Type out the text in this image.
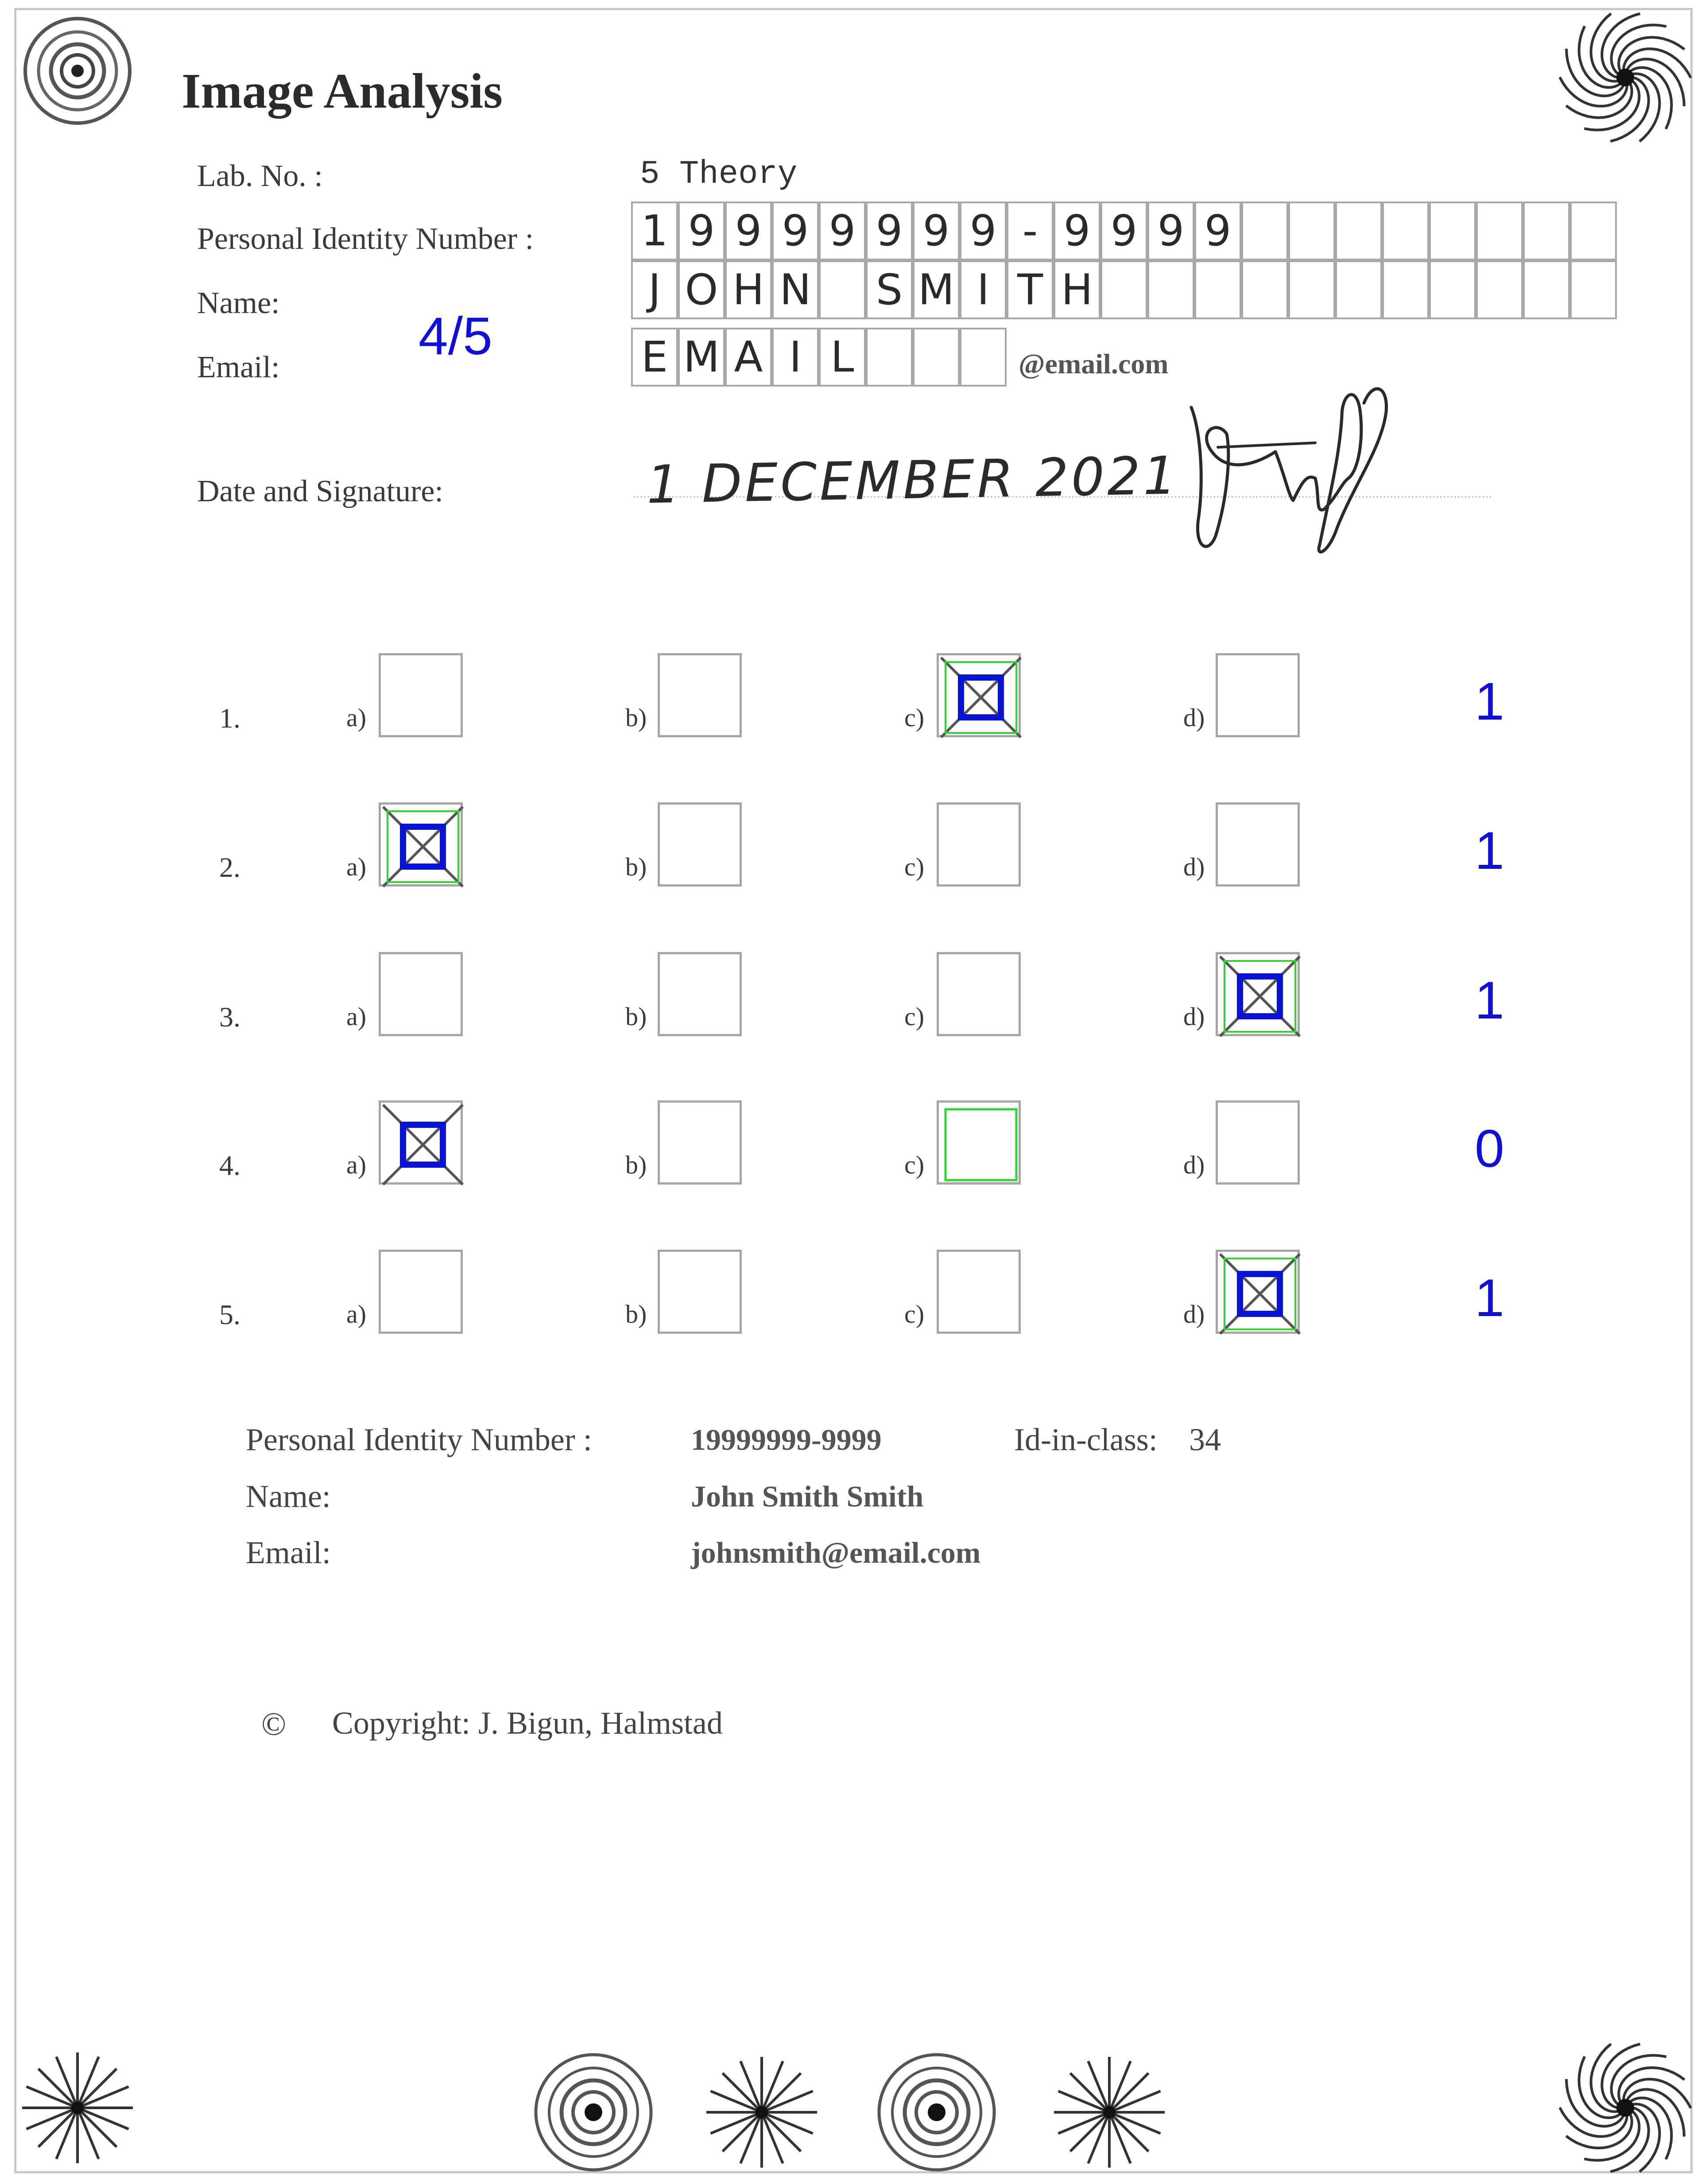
Image Analysis
Lab. No. :	5 Theory
Personal Identity Number :	1 9 9 9 9 9 9 9 - 9 9 9 9
Name:	J O H N S M I T H
Email:	E M A I L	@email.com
4/5
Date and Signature:	1 DECEMBER 2021
1.	a)	b)	c)	d)	1
2.	a)	b)	c)	d)	1
3.	a)	b)	c)	d)	1
4.	a)	b)	c)	d)	0
5.	a)	b)	c)	d)	1
Personal Identity Number :	19999999-9999	Id-in-class: 34
Name:	John Smith Smith
Email:	johnsmith@email.com
© Copyright: J. Bigun, Halmstad
